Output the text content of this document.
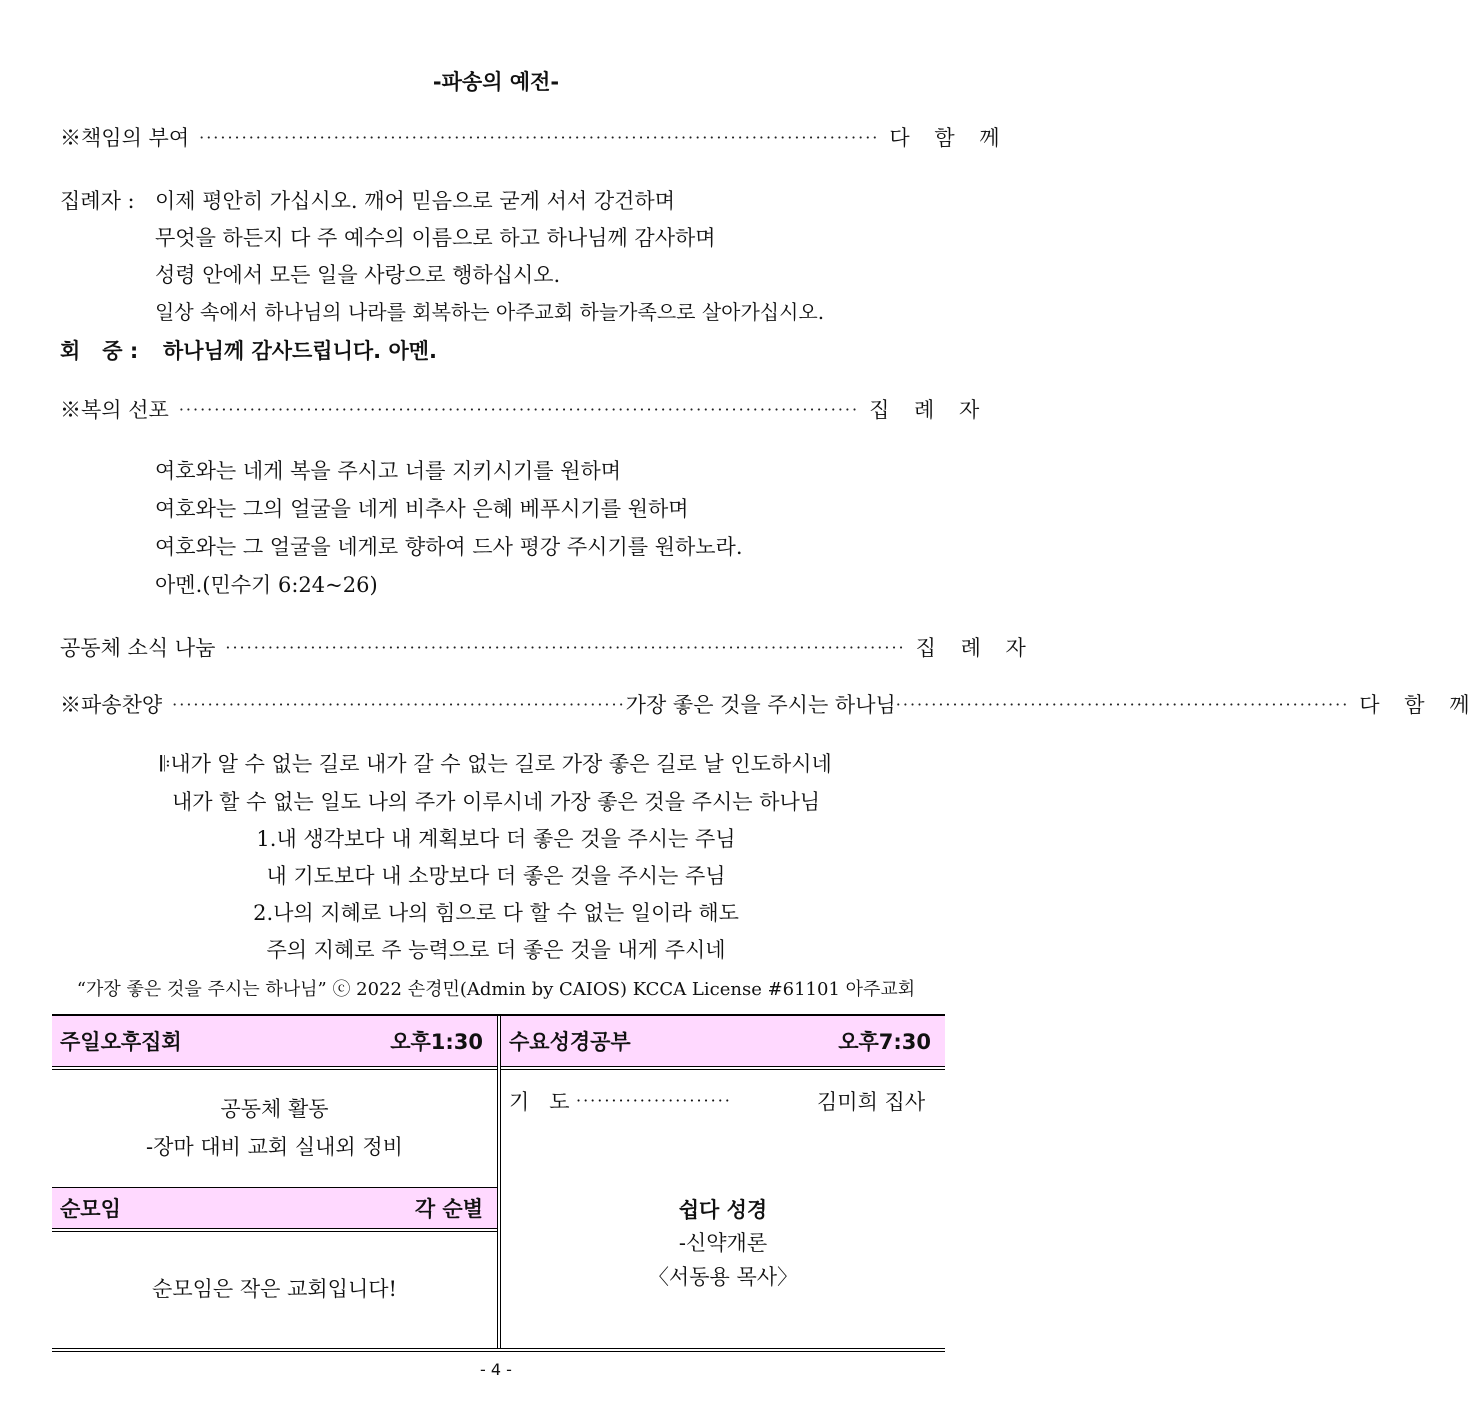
-파송의 예전-
※책임의 부여 ································································································ 다 함 께
집례자 : 이제 평안히 가십시오. 깨어 믿음으로 굳게 서서 강건하며
무엇을 하든지 다 주 예수의 이름으로 하고 하나님께 감사하며
성령 안에서 모든 일을 사랑으로 행하십시오.
일상 속에서 하나님의 나라를 회복하는 아주교회 하늘가족으로 살아가십시오.
회   중 : 하나님께 감사드립니다. 아멘.
※복의 선포 ································································································ 집 례 자
여호와는 네게 복을 주시고 너를 지키시기를 원하며
여호와는 그의 얼굴을 네게 비추사 은혜 베푸시기를 원하며
여호와는 그 얼굴을 네게로 향하여 드사 평강 주시기를 원하노라.
아멘.(민수기 6:24~26)
공동체 소식 나눔 ································································································ 집 례 자
※파송찬양 ································································ 가장 좋은 것을 주시는 하나님 ································································ 다 함 께
𝄆내가 알 수 없는 길로 내가 갈 수 없는 길로 가장 좋은 길로 날 인도하시네
내가 할 수 없는 일도 나의 주가 이루시네 가장 좋은 것을 주시는 하나님
1.내 생각보다 내 계획보다 더 좋은 것을 주시는 주님
내 기도보다 내 소망보다 더 좋은 것을 주시는 주님
2.나의 지혜로 나의 힘으로 다 할 수 없는 일이라 해도
주의 지혜로 주 능력으로 더 좋은 것을 내게 주시네
“가장 좋은 것을 주시는 하나님” ⓒ 2022 손경민(Admin by CAIOS) KCCA License #61101 아주교회
주일오후집회	오후1:30 수요성경공부	오후7:30
공동체 활동
-장마 대비 교회 실내외 정비
순모임	각 순별
순모임은 작은 교회입니다!
기   도 ······················	김미희 집사
쉽다 성경
-신약개론
〈서동용 목사〉
- 4 -
